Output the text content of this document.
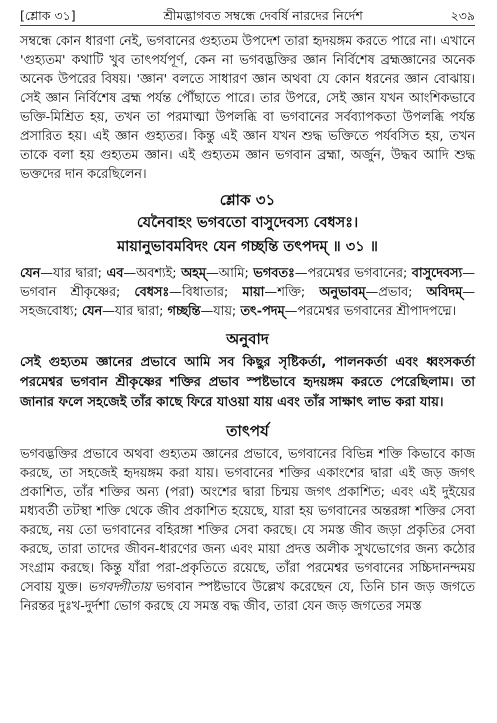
[শ্লোক ৩১]	শ্রীমদ্ভাগবত সম্বন্ধে দেবর্ষি নারদের নির্দেশ	২৩৯

সম্বন্ধে কোন ধারণা নেই, ভগবানের গুহ্যতম উপদেশ তারা হৃদয়ঙ্গম করতে পারে না। এখানে 'গুহ্যতম' কথাটি খুব তাৎপর্যপূর্ণ, কেন না ভগবদ্ভক্তির জ্ঞান নির্বিশেষ ব্রহ্মজ্ঞানের অনেক অনেক উপরের বিষয়। 'জ্ঞান' বলতে সাধারণ জ্ঞান অথবা যে কোন ধরনের জ্ঞান বোঝায়। সেই জ্ঞান নির্বিশেষ ব্রহ্ম পর্যন্ত পৌঁছাতে পারে। তার উপরে, সেই জ্ঞান যখন আংশিকভাবে ভক্তি-মিশ্রিত হয়, তখন তা পরমাত্মা উপলব্ধি বা ভগবানের সর্বব্যাপকতা উপলব্ধি পর্যন্ত প্রসারিত হয়। এই জ্ঞান গুহ্যতর। কিন্তু এই জ্ঞান যখন শুদ্ধ ভক্তিতে পর্যবসিত হয়, তখন তাকে বলা হয় গুহ্যতম জ্ঞান। এই গুহ্যতম জ্ঞান ভগবান ব্রহ্মা, অর্জুন, উদ্ধব আদি শুদ্ধ ভক্তদের দান করেছিলেন।

শ্লোক ৩১
যেনৈবাহং ভগবতো বাসুদেবস্য বেধসঃ।
মায়ানুভাবমবিদং যেন গচ্ছন্তি তৎপদম্ ॥ ৩১ ॥

যেন—যার দ্বারা; এব—অবশ্যই; অহম্—আমি; ভগবতঃ—পরমেশ্বর ভগবানের; বাসুদেবস্য—ভগবান শ্রীকৃষ্ণের; বেধসঃ—বিধাতার; মায়া—শক্তি; অনুভাবম্—প্রভাব; অবিদম্—সহজবোধ্য; যেন—যার দ্বারা; গচ্ছন্তি—যায়; তৎ-পদম্—পরমেশ্বর ভগবানের শ্রীপাদপদ্মে।

অনুবাদ

সেই গুহ্যতম জ্ঞানের প্রভাবে আমি সব কিছুর সৃষ্টিকর্তা, পালনকর্তা এবং ধ্বংসকর্তা পরমেশ্বর ভগবান শ্রীকৃষ্ণের শক্তির প্রভাব স্পষ্টভাবে হৃদয়ঙ্গম করতে পেরেছিলাম। তা জানার ফলে সহজেই তাঁর কাছে ফিরে যাওয়া যায় এবং তাঁর সাক্ষাৎ লাভ করা যায়।

তাৎপর্য

ভগবদ্ভক্তির প্রভাবে অথবা গুহ্যতম জ্ঞানের প্রভাবে, ভগবানের বিভিন্ন শক্তি কিভাবে কাজ করছে, তা সহজেই হৃদয়ঙ্গম করা যায়। ভগবানের শক্তির একাংশের দ্বারা এই জড় জগৎ প্রকাশিত, তাঁর শক্তির অন্য (পরা) অংশের দ্বারা চিন্ময় জগৎ প্রকাশিত; এবং এই দুইয়ের মধ্যবর্তী তটস্থা শক্তি থেকে জীব প্রকাশিত হয়েছে, যারা হয় ভগবানের অন্তরঙ্গা শক্তির সেবা করছে, নয় তো ভগবানের বহিরঙ্গা শক্তির সেবা করছে। যে সমস্ত জীব জড়া প্রকৃতির সেবা করছে, তারা তাদের জীবন-ধারণের জন্য এবং মায়া প্রদত্ত অলীক সুখভোগের জন্য কঠোর সংগ্রাম করছে। কিন্তু যাঁরা পরা-প্রকৃতিতে রয়েছে, তাঁরা পরমেশ্বর ভগবানের সচ্চিদানন্দময় সেবায় যুক্ত। ভগবদ্গীতায় ভগবান স্পষ্টভাবে উল্লেখ করেছেন যে, তিনি চান জড় জগতে নিরন্তর দুঃখ-দুর্দশা ভোগ করছে যে সমস্ত বদ্ধ জীব, তারা যেন জড় জগতের সমস্ত
